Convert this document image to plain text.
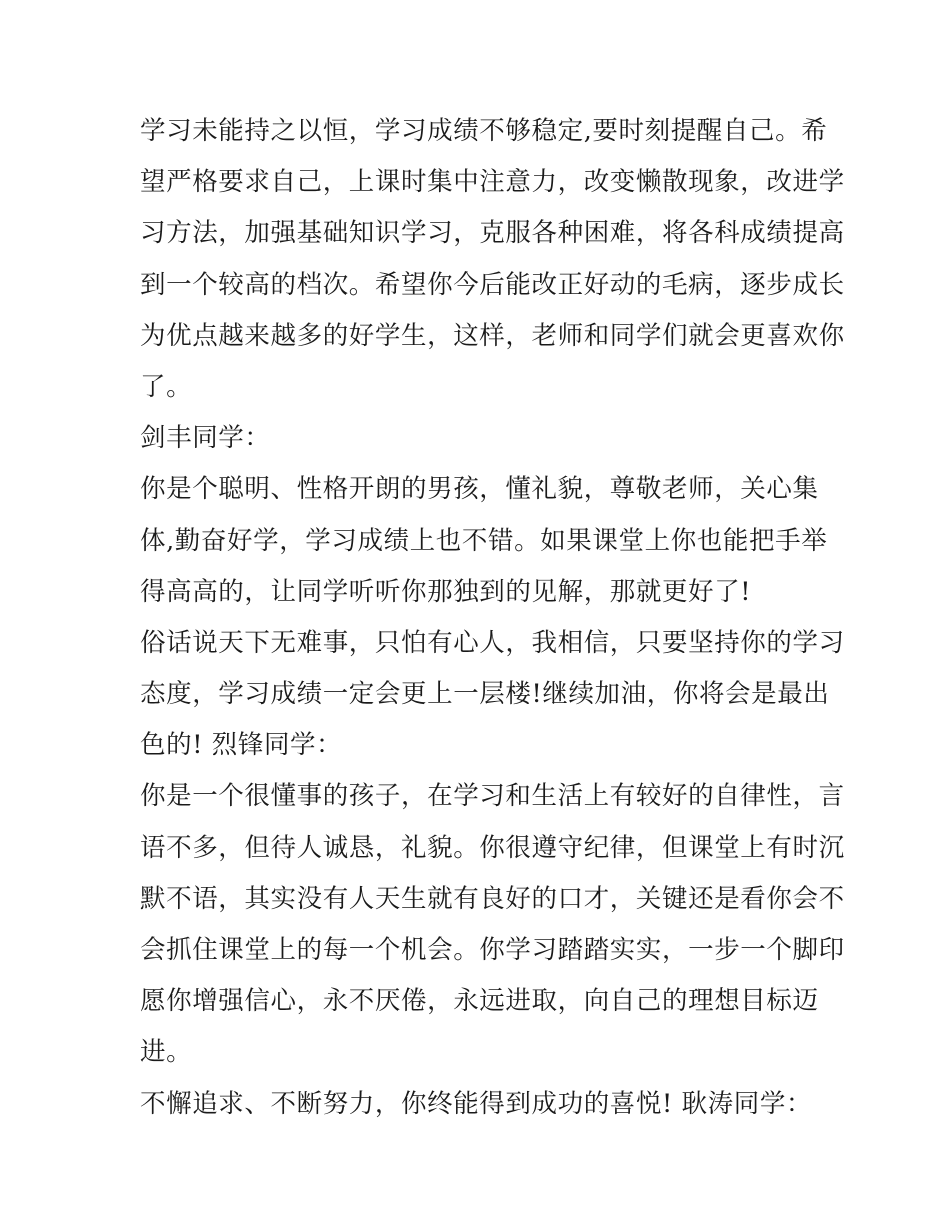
学习未能持之以恒，学习成绩不够稳定,要时刻提醒自己。希

望严格要求自己，上课时集中注意力，改变懒散现象，改进学

习方法，加强基础知识学习，克服各种困难，将各科成绩提高

到一个较高的档次。希望你今后能改正好动的毛病，逐步成长

为优点越来越多的好学生，这样，老师和同学们就会更喜欢你

了。

剑丰同学：

你是个聪明、性格开朗的男孩，懂礼貌，尊敬老师，关心集

体,勤奋好学，学习成绩上也不错。如果课堂上你也能把手举

得高高的，让同学听听你那独到的见解，那就更好了!

俗话说天下无难事，只怕有心人，我相信，只要坚持你的学习

态度，学习成绩一定会更上一层楼!继续加油，你将会是最出

色的! 烈锋同学：

你是一个很懂事的孩子，在学习和生活上有较好的自律性，言

语不多，但待人诚恳，礼貌。你很遵守纪律，但课堂上有时沉

默不语，其实没有人天生就有良好的口才，关键还是看你会不

会抓住课堂上的每一个机会。你学习踏踏实实，一步一个脚印

愿你增强信心，永不厌倦，永远进取，向自己的理想目标迈

进。

不懈追求、不断努力，你终能得到成功的喜悦! 耿涛同学：
